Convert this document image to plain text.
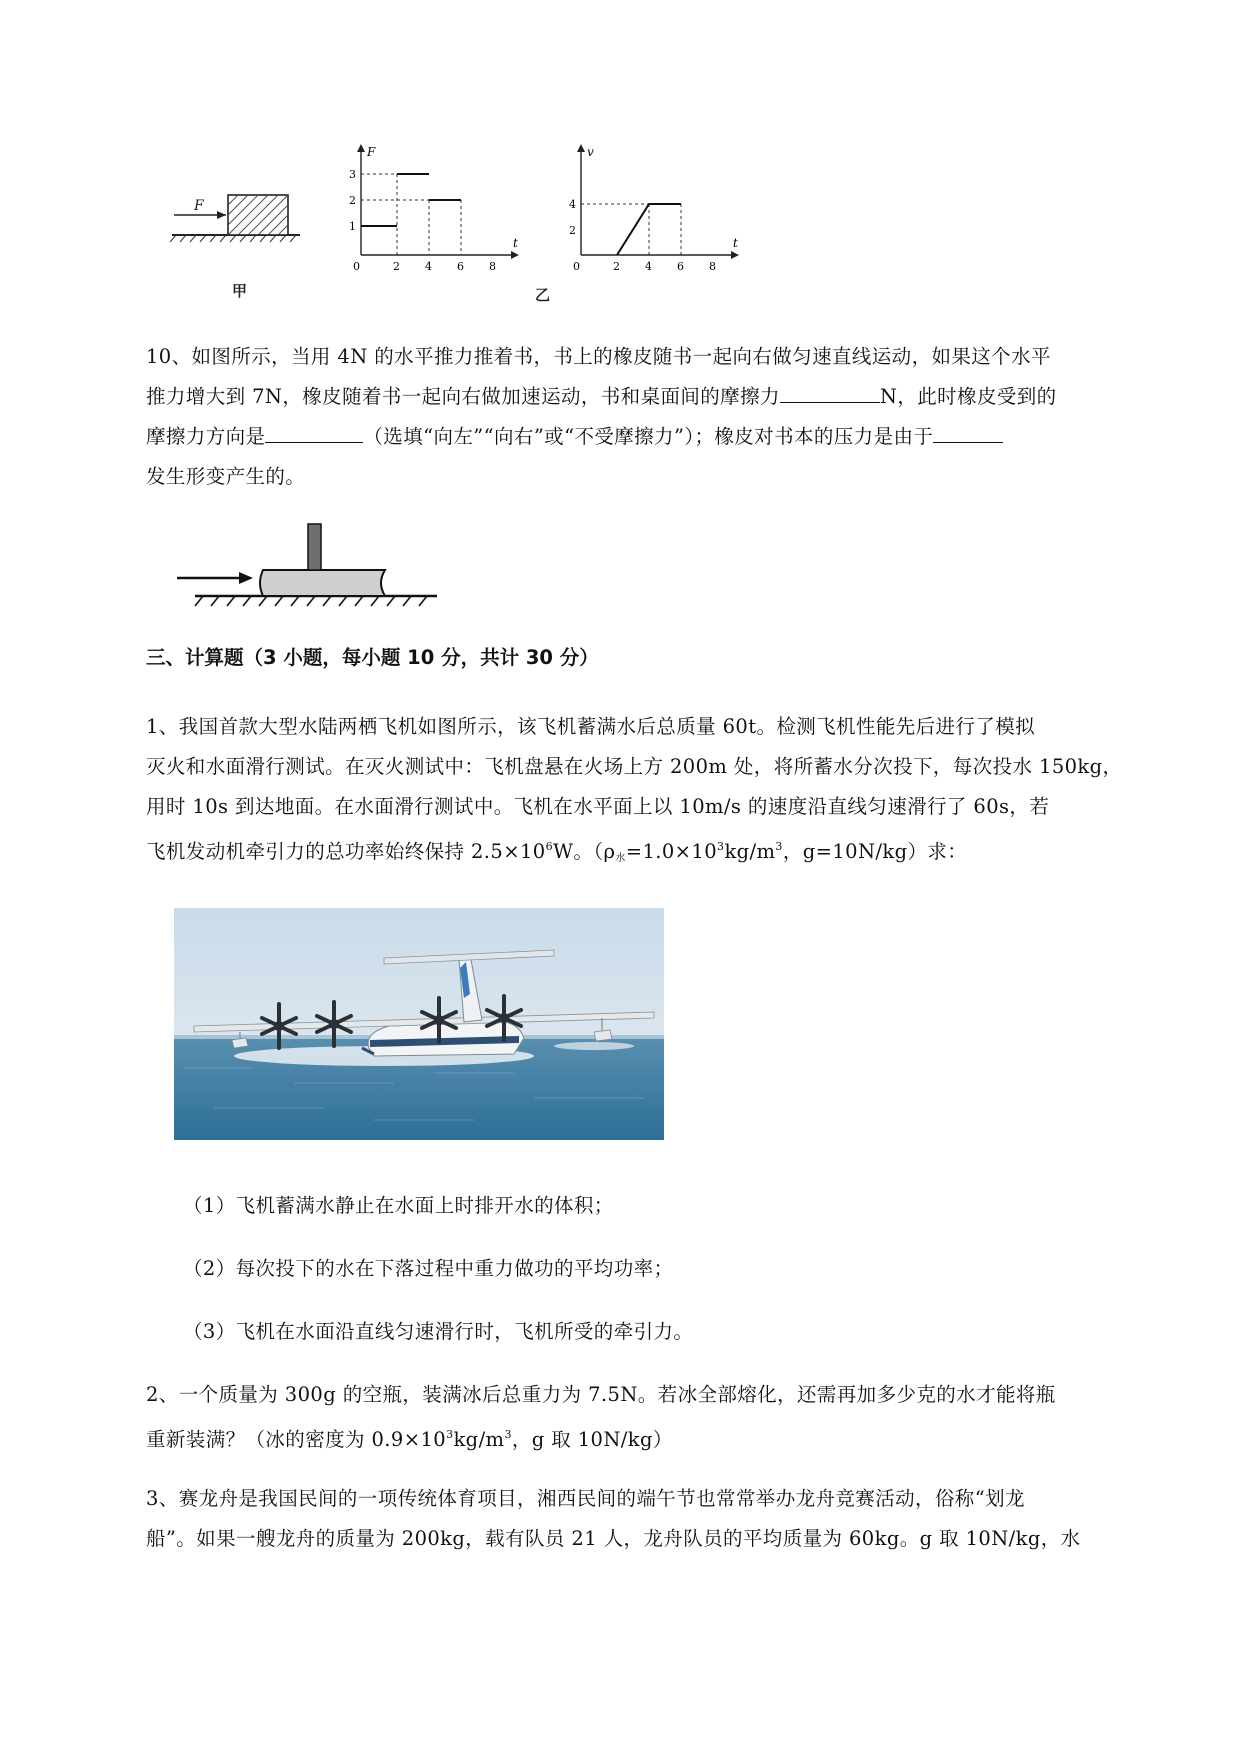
F
甲
F
t
1
2
3
0	2 4 6 8
v
t
2
4
0	2 4 6 8
乙
10、如图所示，当用 4N 的水平推力推着书，书上的橡皮随书一起向右做匀速直线运动，如果这个水平
推力增大到 7N，橡皮随着书一起向右做加速运动，书和桌面间的摩擦力	N，此时橡皮受到的
摩擦力方向是	（选填“向左”“向右”或“不受摩擦力”）；橡皮对书本的压力是由于
发生形变产生的。
三、计算题（3 小题，每小题 10 分，共计 30 分）
1、我国首款大型水陆两栖飞机如图所示，该飞机蓄满水后总质量 60t。检测飞机性能先后进行了模拟
灭火和水面滑行测试。在灭火测试中：飞机盘悬在火场上方 200m 处，将所蓄水分次投下，每次投水 150kg，
用时 10s 到达地面。在水面滑行测试中。飞机在水平面上以 10m/s 的速度沿直线匀速滑行了 60s，若
飞机发动机牵引力的总功率始终保持 $2.5\times 10^6W$。（$\rho_水=1.0\times 10^3kg/m^3$，g=10N/kg）求：
（1）飞机蓄满水静止在水面上时排开水的体积；
（2）每次投下的水在下落过程中重力做功的平均功率；
（3）飞机在水面沿直线匀速滑行时，飞机所受的牵引力。
2、一个质量为 300g 的空瓶，装满冰后总重力为 7.5N。若冰全部熔化，还需再加多少克的水才能将瓶
重新装满？（冰的密度为 $0.9\times 10^3kg/m^3$，g 取 10N/kg）
3、赛龙舟是我国民间的一项传统体育项目，湘西民间的端午节也常常举办龙舟竞赛活动，俗称“划龙
船”。如果一艘龙舟的质量为 200kg，载有队员 21 人，龙舟队员的平均质量为 60kg。g 取 10N/kg，水
